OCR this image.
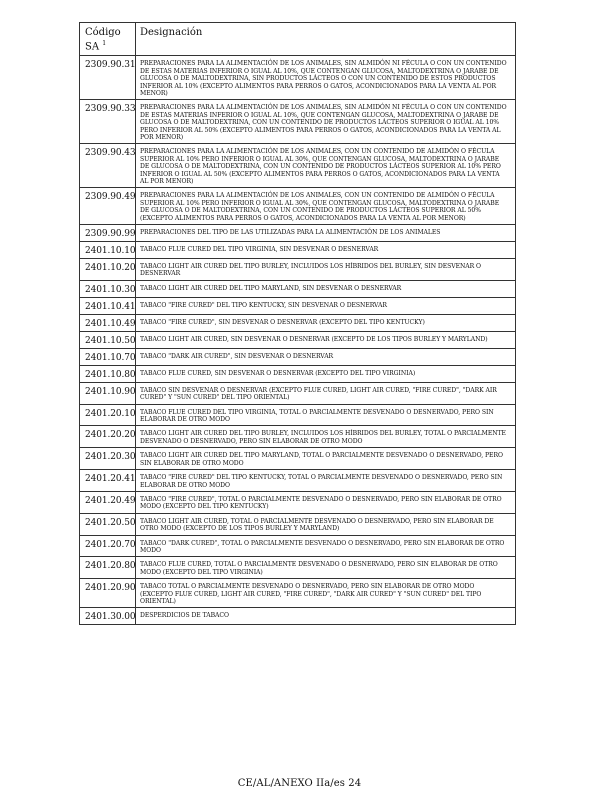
Código SA $^1$	Designación
2309.90.31	PREPARACIONES PARA LA ALIMENTACIÓN DE LOS ANIMALES, SIN ALMIDÓN NI FÉCULA O CON UN CONTENIDO DE ESTAS MATERIAS INFERIOR O IGUAL AL 10%, QUE CONTENGAN GLUCOSA, MALTODEXTRINA O JARABE DE GLUCOSA O DE MALTODEXTRINA, SIN PRODUCTOS LÁCTEOS O CON UN CONTENIDO DE ESTOS PRODUCTOS INFERIOR AL 10% (EXCEPTO ALIMENTOS PARA PERROS O GATOS, ACONDICIONADOS PARA LA VENTA AL POR MENOR)
2309.90.33	PREPARACIONES PARA LA ALIMENTACIÓN DE LOS ANIMALES, SIN ALMIDÓN NI FÉCULA O CON UN CONTENIDO DE ESTAS MATERIAS INFERIOR O IGUAL AL 10%, QUE CONTENGAN GLUCOSA, MALTODEXTRINA O JARABE DE GLUCOSA O DE MALTODEXTRINA, CON UN CONTENIDO DE PRODUCTOS LÁCTEOS SUPERIOR O IGUAL AL 10% PERO INFERIOR AL 50% (EXCEPTO ALIMENTOS PARA PERROS O GATOS, ACONDICIONADOS PARA LA VENTA AL POR MENOR)
2309.90.43	PREPARACIONES PARA LA ALIMENTACIÓN DE LOS ANIMALES, CON UN CONTENIDO DE ALMIDÓN O FÉCULA SUPERIOR AL 10% PERO INFERIOR O IGUAL AL 30%, QUE CONTENGAN GLUCOSA, MALTODEXTRINA O JARABE DE GLUCOSA O DE MALTODEXTRINA, CON UN CONTENIDO DE PRODUCTOS LÁCTEOS SUPERIOR AL 10% PERO INFERIOR O IGUAL AL 50% (EXCEPTO ALIMENTOS PARA PERROS O GATOS, ACONDICIONADOS PARA LA VENTA AL POR MENOR)
2309.90.49	PREPARACIONES PARA LA ALIMENTACIÓN DE LOS ANIMALES, CON UN CONTENIDO DE ALMIDÓN O FÉCULA SUPERIOR AL 10% PERO INFERIOR O IGUAL AL 30%, QUE CONTENGAN GLUCOSA, MALTODEXTRINA O JARABE DE GLUCOSA O DE MALTODEXTRINA, CON UN CONTENIDO DE PRODUCTOS LÁCTEOS SUPERIOR AL 50% (EXCEPTO ALIMENTOS PARA PERROS O GATOS, ACONDICIONADOS PARA LA VENTA AL POR MENOR)
2309.90.99	PREPARACIONES DEL TIPO DE LAS UTILIZADAS PARA LA ALIMENTACIÓN DE LOS ANIMALES
2401.10.10	TABACO FLUE CURED DEL TIPO VIRGINIA, SIN DESVENAR O DESNERVAR
2401.10.20	TABACO LIGHT AIR CURED DEL TIPO BURLEY, INCLUIDOS LOS HÍBRIDOS DEL BURLEY, SIN DESVENAR O DESNERVAR
2401.10.30	TABACO LIGHT AIR CURED DEL TIPO MARYLAND, SIN DESVENAR O DESNERVAR
2401.10.41	TABACO "FIRE CURED" DEL TIPO KENTUCKY, SIN DESVENAR O DESNERVAR
2401.10.49	TABACO "FIRE CURED", SIN DESVENAR O DESNERVAR (EXCEPTO DEL TIPO KENTUCKY)
2401.10.50	TABACO LIGHT AIR CURED, SIN DESVENAR O DESNERVAR (EXCEPTO DE LOS TIPOS BURLEY Y MARYLAND)
2401.10.70	TABACO "DARK AIR CURED", SIN DESVENAR O DESNERVAR
2401.10.80	TABACO FLUE CURED, SIN DESVENAR O DESNERVAR (EXCEPTO DEL TIPO VIRGINIA)
2401.10.90	TABACO SIN DESVENAR O DESNERVAR (EXCEPTO FLUE CURED, LIGHT AIR CURED, "FIRE CURED", "DARK AIR CURED" Y "SUN CURED" DEL TIPO ORIENTAL)
2401.20.10	TABACO FLUE CURED DEL TIPO VIRGINIA, TOTAL O PARCIALMENTE DESVENADO O DESNERVADO, PERO SIN ELABORAR DE OTRO MODO
2401.20.20	TABACO LIGHT AIR CURED DEL TIPO BURLEY, INCLUIDOS LOS HÍBRIDOS DEL BURLEY, TOTAL O PARCIALMENTE DESVENADO O DESNERVADO, PERO SIN ELABORAR DE OTRO MODO
2401.20.30	TABACO LIGHT AIR CURED DEL TIPO MARYLAND, TOTAL O PARCIALMENTE DESVENADO O DESNERVADO, PERO SIN ELABORAR DE OTRO MODO
2401.20.41	TABACO "FIRE CURED" DEL TIPO KENTUCKY, TOTAL O PARCIALMENTE DESVENADO O DESNERVADO, PERO SIN ELABORAR DE OTRO MODO
2401.20.49	TABACO "FIRE CURED", TOTAL O PARCIALMENTE DESVENADO O DESNERVADO, PERO SIN ELABORAR DE OTRO MODO (EXCEPTO DEL TIPO KENTUCKY)
2401.20.50	TABACO LIGHT AIR CURED, TOTAL O PARCIALMENTE DESVENADO O DESNERVADO, PERO SIN ELABORAR DE OTRO MODO (EXCEPTO DE LOS TIPOS BURLEY Y MARYLAND)
2401.20.70	TABACO "DARK CURED", TOTAL O PARCIALMENTE DESVENADO O DESNERVADO, PERO SIN ELABORAR DE OTRO MODO
2401.20.80	TABACO FLUE CURED, TOTAL O PARCIALMENTE DESVENADO O DESNERVADO, PERO SIN ELABORAR DE OTRO MODO (EXCEPTO DEL TIPO VIRGINIA)
2401.20.90	TABACO TOTAL O PARCIALMENTE DESVENADO O DESNERVADO, PERO SIN ELABORAR DE OTRO MODO (EXCEPTO FLUE CURED, LIGHT AIR CURED, "FIRE CURED", "DARK AIR CURED" Y "SUN CURED" DEL TIPO ORIENTAL)
2401.30.00	DESPERDICIOS DE TABACO
CE/AL/ANEXO IIa/es 24
